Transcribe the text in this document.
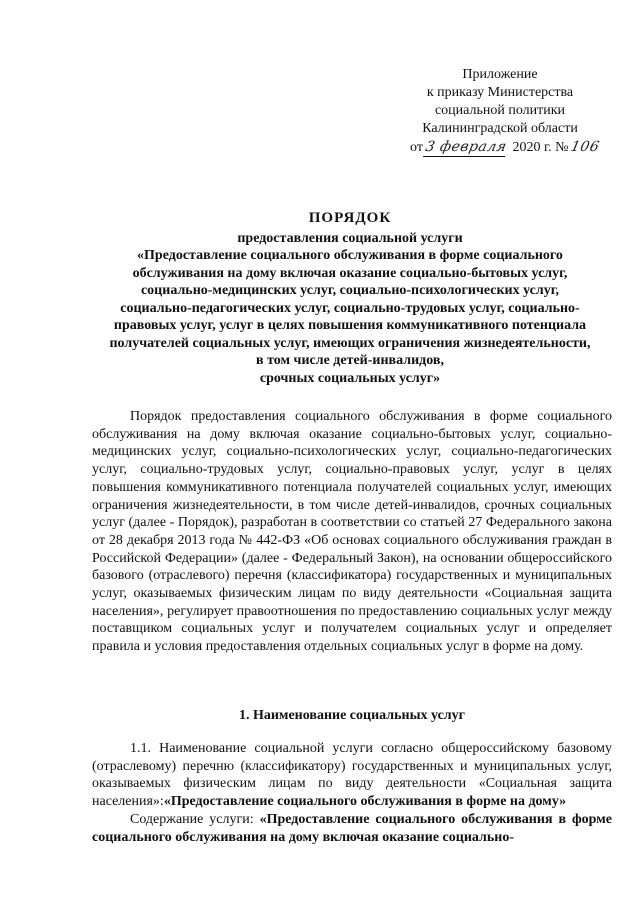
Приложение
к приказу Министерства
социальной политики
Калининградской области
от3 февраля 2020 г. №106
ПОРЯДОК
предоставления социальной услуги
«Предоставление социального обслуживания в форме социального
обслуживания на дому включая оказание социально-бытовых услуг,
социально-медицинских услуг, социально-психологических услуг,
социально-педагогических услуг, социально-трудовых услуг, социально-
правовых услуг, услуг в целях повышения коммуникативного потенциала
получателей социальных услуг, имеющих ограничения жизнедеятельности,
в том числе детей-инвалидов,
срочных социальных услуг»

Порядок предоставления социального обслуживания в форме социального обслуживания на дому включая оказание социально-бытовых услуг, социально-медицинских услуг, социально-психологических услуг, социально-педагогических услуг, социально-трудовых услуг, социально-правовых услуг, услуг в целях повышения коммуникативного потенциала получателей социальных услуг, имеющих ограничения жизнедеятельности, в том числе детей-инвалидов, срочных социальных услуг (далее - Порядок), разработан в соответствии со статьей 27 Федерального закона от 28 декабря 2013 года № 442-ФЗ «Об основах социального обслуживания граждан в Российской Федерации» (далее - Федеральный Закон), на основании общероссийского базового (отраслевого) перечня (классификатора) государственных и муниципальных услуг, оказываемых физическим лицам по виду деятельности «Социальная защита населения», регулирует правоотношения по предоставлению социальных услуг между поставщиком социальных услуг и получателем социальных услуг и определяет правила и условия предоставления отдельных социальных услуг в форме на дому.

1. Наименование социальных услуг

1.1. Наименование социальной услуги согласно общероссийскому базовому (отраслевому) перечню (классификатору) государственных и муниципальных услуг, оказываемых физическим лицам по виду деятельности «Социальная защита населения»:«Предоставление социального обслуживания в форме на дому»

Содержание услуги: «Предоставление социального обслуживания в форме социального обслуживания на дому включая оказание социально-
